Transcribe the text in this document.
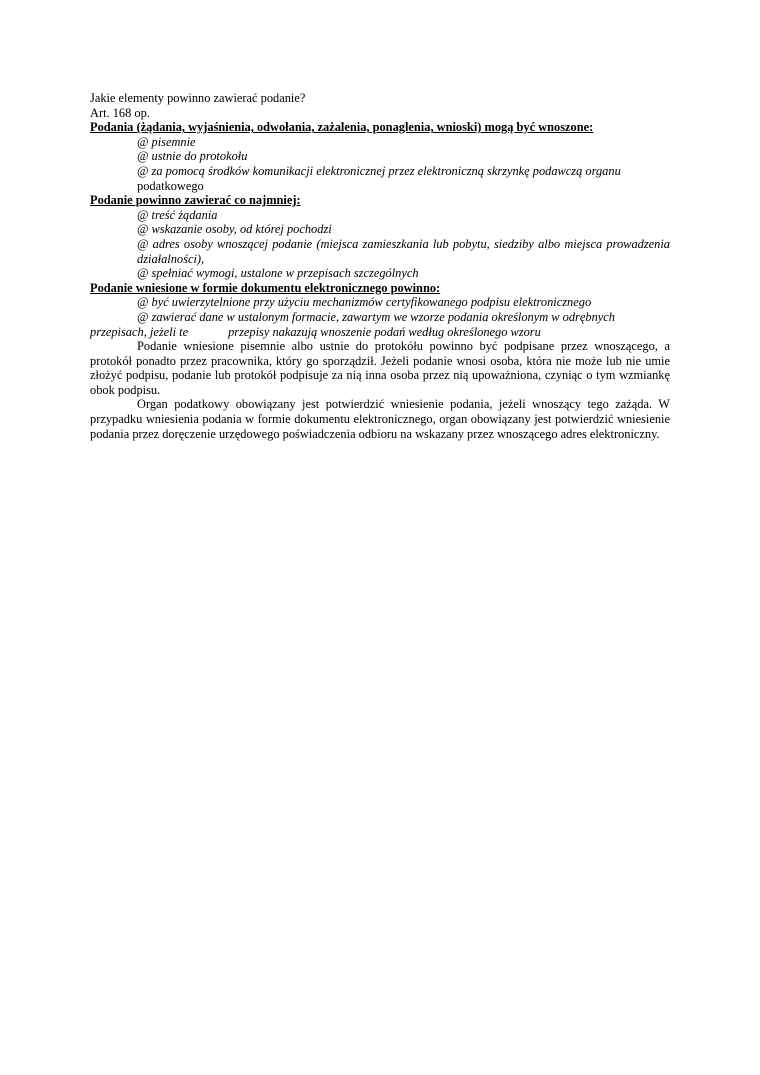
Jakie elementy powinno zawierać podanie?
Art. 168 op.
Podania (żądania, wyjaśnienia, odwołania, zażalenia, ponaglenia, wnioski) mogą być wnoszone:
@ pisemnie
@ ustnie do protokołu
@ za pomocą środków komunikacji elektronicznej przez elektroniczną skrzynkę podawczą organu
podatkowego
Podanie powinno zawierać co najmniej:
@ treść żądania
@ wskazanie osoby, od której pochodzi
@ adres osoby wnoszącej podanie (miejsca zamieszkania lub pobytu, siedziby albo miejsca prowadzenia działalności),
@ spełniać wymogi, ustalone w przepisach szczególnych
Podanie wniesione w formie dokumentu elektronicznego powinno:
@ być uwierzytelnione przy użyciu mechanizmów certyfikowanego podpisu elektronicznego
@ zawierać dane w ustalonym formacie, zawartym we wzorze podania określonym w odrębnych
przepisach, jeżeli te	przepisy nakazują wnoszenie podań według określonego wzoru
Podanie wniesione pisemnie albo ustnie do protokółu powinno być podpisane przez wnoszącego, a protokół ponadto przez pracownika, który go sporządził. Jeżeli podanie wnosi osoba, która nie może lub nie umie złożyć podpisu, podanie lub protokół podpisuje za nią inna osoba przez nią upoważniona, czyniąc o tym wzmiankę obok podpisu.
Organ podatkowy obowiązany jest potwierdzić wniesienie podania, jeżeli wnoszący tego zażąda. W przypadku wniesienia podania w formie dokumentu elektronicznego, organ obowiązany jest potwierdzić wniesienie podania przez doręczenie urzędowego poświadczenia odbioru na wskazany przez wnoszącego adres elektroniczny.
